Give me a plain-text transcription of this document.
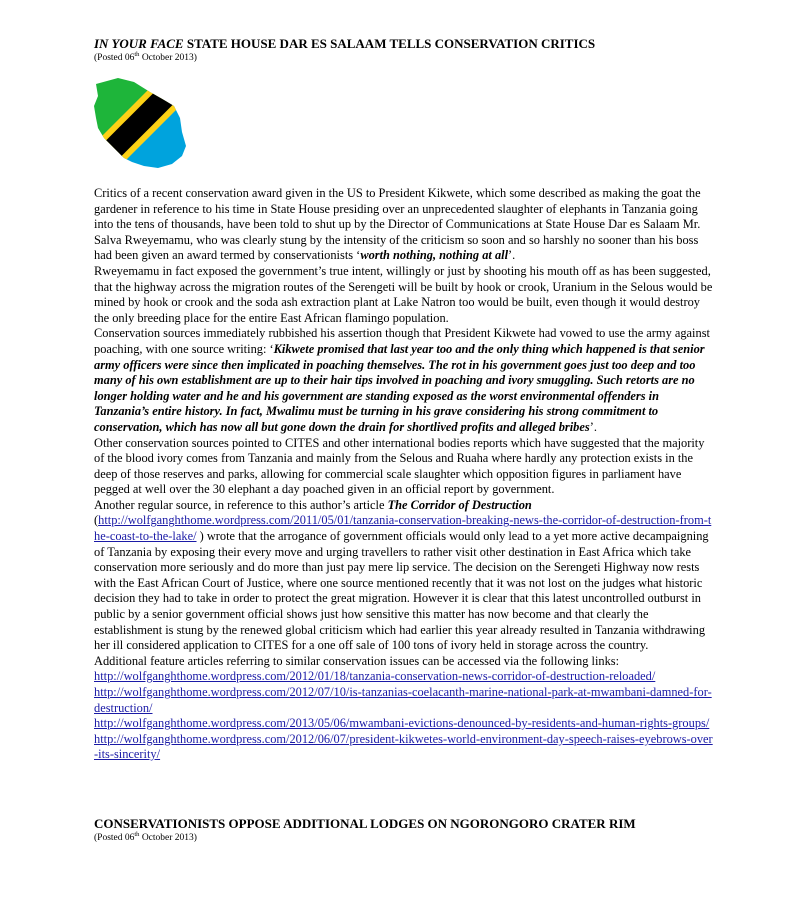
IN YOUR FACE STATE HOUSE DAR ES SALAAM TELLS CONSERVATION CRITICS
(Posted 06th October 2013)

Critics of a recent conservation award given in the US to President Kikwete, which some described as making the goat the gardener in reference to his time in State House presiding over an unprecedented slaughter of elephants in Tanzania going into the tens of thousands, have been told to shut up by the Director of Communications at State House Dar es Salaam Mr. Salva Rweyemamu, who was clearly stung by the intensity of the criticism so soon and so harshly no sooner than his boss had been given an award termed by conservationists ‘worth nothing, nothing at all’.

Rweyemamu in fact exposed the government’s true intent, willingly or just by shooting his mouth off as has been suggested, that the highway across the migration routes of the Serengeti will be built by hook or crook, Uranium in the Selous would be mined by hook or crook and the soda ash extraction plant at Lake Natron too would be built, even though it would destroy the only breeding place for the entire East African flamingo population.

Conservation sources immediately rubbished his assertion though that President Kikwete had vowed to use the army against poaching, with one source writing: ‘Kikwete promised that last year too and the only thing which happened is that senior army officers were since then implicated in poaching themselves. The rot in his government goes just too deep and too many of his own establishment are up to their hair tips involved in poaching and ivory smuggling. Such retorts are no longer holding water and he and his government are standing exposed as the worst environmental offenders in Tanzania’s entire history. In fact, Mwalimu must be turning in his grave considering his strong commitment to conservation, which has now all but gone down the drain for shortlived profits and alleged bribes’.

Other conservation sources pointed to CITES and other international bodies reports which have suggested that the majority of the blood ivory comes from Tanzania and mainly from the Selous and Ruaha where hardly any protection exists in the deep of those reserves and parks, allowing for commercial scale slaughter which opposition figures in parliament have pegged at well over the 30 elephant a day poached given in an official report by government.

Another regular source, in reference to this author’s article The Corridor of Destruction
(http://wolfganghthome.wordpress.com/2011/05/01/tanzania-conservation-breaking-news-the-corridor-of-destruction-from-the-coast-to-the-lake/ ) wrote that the arrogance of government officials would only lead to a yet more active decampaigning of Tanzania by exposing their every move and urging travellers to rather visit other destination in East Africa which take conservation more seriously and do more than just pay mere lip service. The decision on the Serengeti Highway now rests with the East African Court of Justice, where one source mentioned recently that it was not lost on the judges what historic decision they had to take in order to protect the great migration. However it is clear that this latest uncontrolled outburst in public by a senior government official shows just how sensitive this matter has now become and that clearly the establishment is stung by the renewed global criticism which had earlier this year already resulted in Tanzania withdrawing her ill considered application to CITES for a one off sale of 100 tons of ivory held in storage across the country.

Additional feature articles referring to similar conservation issues can be accessed via the following links:

http://wolfganghthome.wordpress.com/2012/01/18/tanzania-conservation-news-corridor-of-destruction-reloaded/

http://wolfganghthome.wordpress.com/2012/07/10/is-tanzanias-coelacanth-marine-national-park-at-mwambani-damned-for-destruction/

http://wolfganghthome.wordpress.com/2013/05/06/mwambani-evictions-denounced-by-residents-and-human-rights-groups/

http://wolfganghthome.wordpress.com/2012/06/07/president-kikwetes-world-environment-day-speech-raises-eyebrows-over-its-sincerity/

CONSERVATIONISTS OPPOSE ADDITIONAL LODGES ON NGORONGORO CRATER RIM
(Posted 06th October 2013)
